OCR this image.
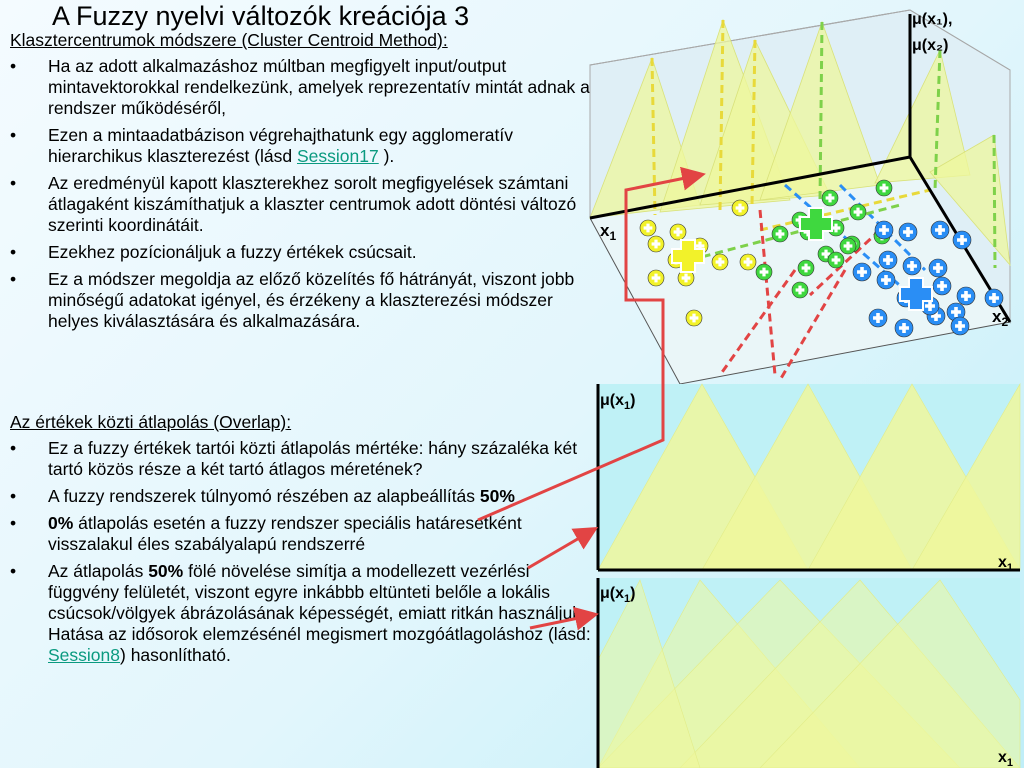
A Fuzzy nyelvi változók kreációja 3
Klasztercentrumok módszere (Cluster Centroid Method):
• Ha az adott alkalmazáshoz múltban megfigyelt input/output mintavektorokkal rendelkezünk, amelyek reprezentatív mintát adnak a rendszer működéséről,
• Ezen a mintaadatbázison végrehajthatunk egy agglomeratív hierarchikus klaszterezést (lásd Session17 ).
• Az eredményül kapott klaszterekhez sorolt megfigyelések számtani átlagaként kiszámíthatjuk a klaszter centrumok adott döntési változó szerinti koordinátáit.
• Ezekhez pozícionáljuk a fuzzy értékek csúcsait.
• Ez a módszer megoldja az előző közelítés fő hátrányát, viszont jobb minőségű adatokat igényel, és érzékeny a klaszterezési módszer helyes kiválasztására és alkalmazására.
Az értékek közti átlapolás (Overlap):
• Ez a fuzzy értékek tartói közti átlapolás mértéke: hány százaléka két tartó közös része a két tartó átlagos méretének?
• A fuzzy rendszerek túlnyomó részében az alapbeállítás 50%
• 0% átlapolás esetén a fuzzy rendszer speciális határesetként visszalakul éles szabályalapú rendszerré
• Az átlapolás 50% fölé növelése simítja a modellezett vezérlési függvény felületét, viszont egyre inkábbb eltünteti belőle a lokális csúcsok/völgyek ábrázolásának képességét, emiatt ritkán használjuk. Hatása az idősorok elemzésénél megismert mozgóátlagoláshoz (lásd: Session8) hasonlítható.
μ(x₁),
μ(x₂)
$x_1$
$x_2$
$\mu(x_1)$
$x_1$
$\mu(x_1)$
$x_1$
